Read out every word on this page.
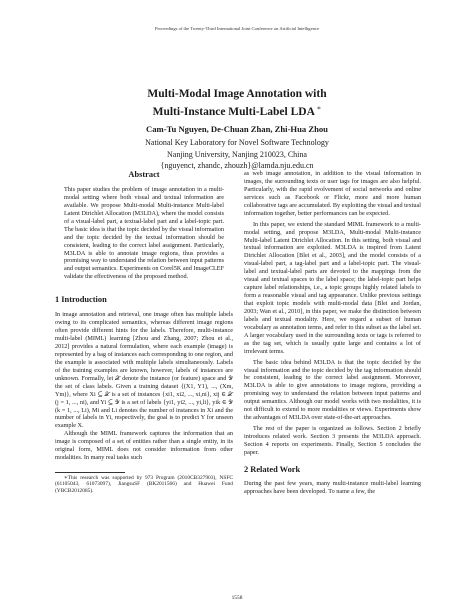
Proceedings of the Twenty-Third International Joint Conference on Artificial Intelligence
Multi-Modal Image Annotation with
Multi-Instance Multi-Label LDA ∗
Cam-Tu Nguyen, De-Chuan Zhan, Zhi-Hua Zhou
National Key Laboratory for Novel Software Technology
Nanjing University, Nanjing 210023, China
{nguyenct, zhandc, zhouzh}@lamda.nju.edu.cn
Abstract

This paper studies the problem of image annotation in a multi-modal setting where both visual and textual information are available. We propose Multi-modal Multi-instance Multi-label Latent Dirichlet Allocation (M3LDA), where the model consists of a visual-label part, a textual-label part and a label-topic part. The basic idea is that the topic decided by the visual information and the topic decided by the textual information should be consistent, leading to the correct label assignment. Particularly, M3LDA is able to annotate image regions, thus provides a promising way to understand the relation between input patterns and output semantics. Experiments on Corel5K and ImageCLEF validate the effectiveness of the proposed method.

1 Introduction

In image annotation and retrieval, one image often has multiple labels owing to its complicated semantics, whereas different image regions often provide different hints for the labels. Therefore, multi-instance multi-label (MIML) learning [Zhou and Zhang, 2007; Zhou et al., 2012] provides a natural formulation, where each example (image) is represented by a bag of instances each corresponding to one region, and the example is associated with multiple labels simultaneously. Labels of the training examples are known, however, labels of instances are unknown. Formally, let 𝒳 denote the instance (or feature) space and 𝒴 the set of class labels. Given a training dataset {(X1, Y1), ..., (Xm, Ym)}, where Xi ⊆ 𝒳 is a set of instances {xi1, xi2, ..., xi,ni}, xij ∈ 𝒳 (j = 1, ..., ni), and Yi ⊆ 𝒴 is a set of labels {yi1, yi2, ..., yi,li}, yik ∈ 𝒴 (k = 1, ..., Li), Mi and Li denotes the number of instances in Xi and the number of labels in Yi, respectively, the goal is to predict Y for unseen example X.

Although the MIML framework captures the information that an image is composed of a set of entities rather than a single entity, in its original form, MIML does not consider information from other modalities. In many real tasks such

∗This research was supported by 973 Program (2010CB327903), NSFC (61105043, 61073097), JiangsuSF (BK2011566) and Huawei Fund (YBCB2012085).

as web image annotation, in addition to the visual information in images, the surrounding texts or user tags for images are also helpful. Particularly, with the rapid evolvement of social networks and online services such as Facebook or Flickr, more and more human collaborative tags are accumulated. By exploiting the visual and textual information together, better performances can be expected.

In this paper, we extend the standard MIML framework to a multi-modal setting, and propose M3LDA, Multi-modal Multi-instance Multi-label Latent Dirichlet Allocation. In this setting, both visual and textual information are exploited. M3LDA is inspired from Latent Dirichlet Allocation [Blei et al., 2003], and the model consists of a visual-label part, a tag-label part and a label-topic part. The visual-label and textual-label parts are devoted to the mappings from the visual and textual spaces to the label space; the label-topic part helps capture label relationships, i.e., a topic groups highly related labels to form a reasonable visual and tag appearance. Unlike previous settings that exploit topic models with multi-modal data [Blei and Jordan, 2003; Wan et al., 2010], in this paper, we make the distinction between labels and textual modality. Here, we regard a subset of human vocabulary as annotation terms, and refer to this subset as the label set. A larger vocabulary used in the surrounding texts or tags is referred to as the tag set, which is usually quite large and contains a lot of irrelevant terms.

The basic idea behind M3LDA is that the topic decided by the visual information and the topic decided by the tag information should be consistent, leading to the correct label assignment. Moreover, M3LDA is able to give annotations to image regions, providing a promising way to understand the relation between input patterns and output semantics. Although our model works with two modalities, it is not difficult to extend to more modalities or views. Experiments show the advantages of M3LDA over state-of-the-art approaches.

The rest of the paper is organized as follows. Section 2 briefly introduces related work. Section 3 presents the M3LDA approach. Section 4 reports on experiments. Finally, Section 5 concludes the paper.

2 Related Work

During the past few years, many multi-instance multi-label learning approaches have been developed. To name a few, the

1558
